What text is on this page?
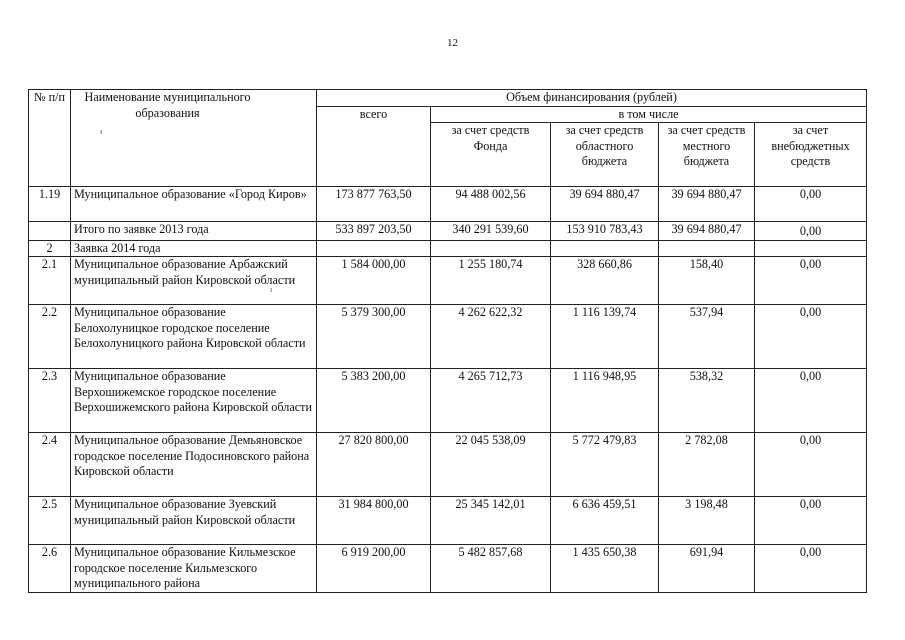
12
№ п/п	Наименование муниципального образования	Объем финансирования (рублей)				
		всего	в том числе			
			за счет средств Фонда	за счет средств областного бюджета	за счет средств местного бюджета	за счет внебюджетных средств
1.19	Муниципальное образование «Город Киров»	173 877 763,50	94 488 002,56	39 694 880,47	39 694 880,47	0,00
	Итого по заявке 2013 года	533 897 203,50	340 291 539,60	153 910 783,43	39 694 880,47	0,00
2	Заявка 2014 года					
2.1	Муниципальное образование Арбажский муниципальный район Кировской области	1 584 000,00	1 255 180,74	328 660,86	158,40	0,00
2.2	Муниципальное образование Белохолуницкое городское поселение Белохолуницкого района Кировской области	5 379 300,00	4 262 622,32	1 116 139,74	537,94	0,00
2.3	Муниципальное образование Верхошижемское городское поселение Верхошижемского района Кировской области	5 383 200,00	4 265 712,73	1 116 948,95	538,32	0,00
2.4	Муниципальное образование Демьяновское городское поселение Подосиновского района Кировской области	27 820 800,00	22 045 538,09	5 772 479,83	2 782,08	0,00
2.5	Муниципальное образование Зуевский муниципальный район Кировской области	31 984 800,00	25 345 142,01	6 636 459,51	3 198,48	0,00
2.6	Муниципальное образование Кильмезское городское поселение Кильмезского муниципального района	6 919 200,00	5 482 857,68	1 435 650,38	691,94	0,00
ı
ı
